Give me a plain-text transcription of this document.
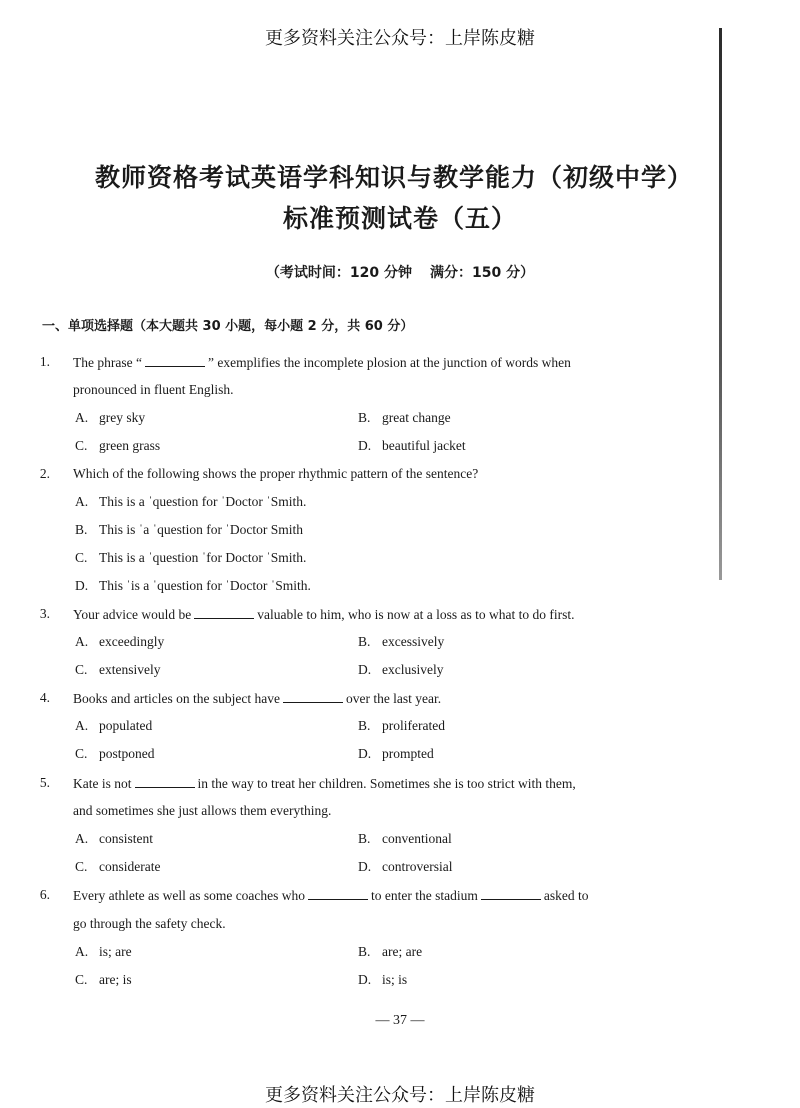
更多资料关注公众号：上岸陈皮糖
教师资格考试英语学科知识与教学能力（初级中学）
标准预测试卷（五）
（考试时间：120 分钟 满分：150 分）
一、单项选择题（本大题共 30 小题，每小题 2 分，共 60 分）
1. The phrase “	” exemplifies the incomplete plosion at the junction of words when
pronounced in fluent English.
A. grey sky	B. great change
C. green grass	D. beautiful jacket
2. Which of the following shows the proper rhythmic pattern of the sentence?
A. This is a ˈquestion for ˈDoctor ˈSmith.
B. This is ˈa ˈquestion for ˈDoctor Smith
C. This is a ˈquestion ˈfor Doctor ˈSmith.
D. This ˈis a ˈquestion for ˈDoctor ˈSmith.
3. Your advice would be	valuable to him, who is now at a loss as to what to do first.
A. exceedingly	B. excessively
C. extensively	D. exclusively
4. Books and articles on the subject have	over the last year.
A. populated	B. proliferated
C. postponed	D. prompted
5. Kate is not	in the way to treat her children. Sometimes she is too strict with them,
and sometimes she just allows them everything.
A. consistent	B. conventional
C. considerate	D. controversial
6. Every athlete as well as some coaches who	to enter the stadium	asked to
go through the safety check.
A. is; are	B. are; are
C. are; is	D. is; is
— 37 —
更多资料关注公众号：上岸陈皮糖
